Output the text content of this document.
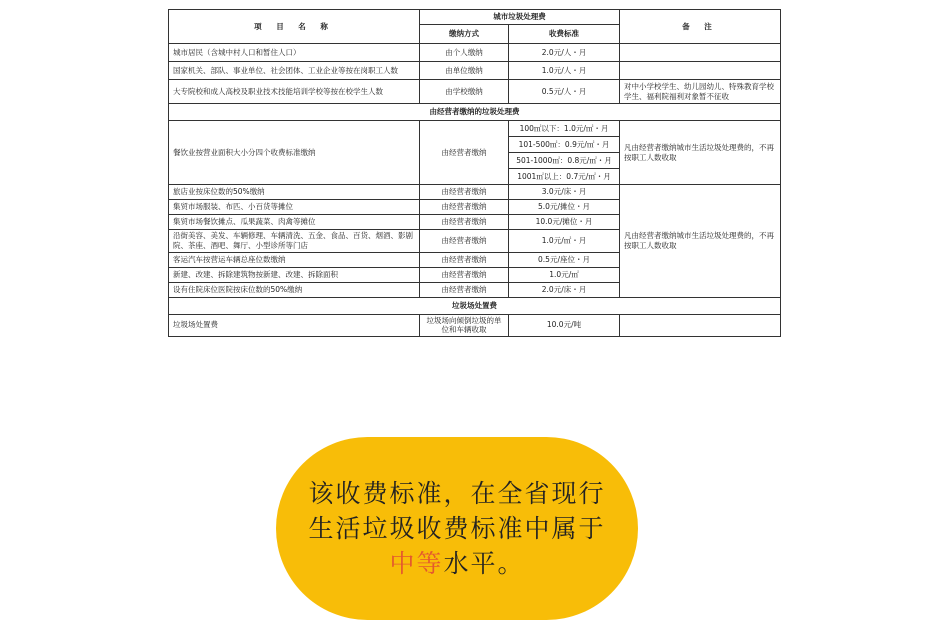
项 目 名 称	城市垃圾处理费		备 注
	缴纳方式	收费标准	
城市居民（含城中村人口和暂住人口）	由个人缴纳	2.0元/人・月	
国家机关、部队、事业单位、社会团体、工业企业等按在岗职工人数	由单位缴纳	1.0元/人・月	
大专院校和成人高校及职业技术技能培训学校等按在校学生人数	由学校缴纳	0.5元/人・月	对中小学校学生、幼儿园幼儿、特殊教育学校学生、福利院福利对象暂不征收
由经营者缴纳的垃圾处理费			
餐饮业按营业面积大小分四个收费标准缴纳	由经营者缴纳	100㎡以下：1.0元/㎡・月	凡由经营者缴纳城市生活垃圾处理费的，不再按职工人数收取
		101-500㎡：0.9元/㎡・月	
		501-1000㎡：0.8元/㎡・月	
		1001㎡以上：0.7元/㎡・月	
旅店业按床位数的50%缴纳	由经营者缴纳	3.0元/床・月	凡由经营者缴纳城市生活垃圾处理费的，不再按职工人数收取
集贸市场服装、布匹、小百货等摊位	由经营者缴纳	5.0元/摊位・月	
集贸市场餐饮摊点、瓜果蔬菜、肉禽等摊位	由经营者缴纳	10.0元/摊位・月	
沿街美容、美发、车辆修理、车辆清洗、五金、食品、百货、烟酒、影剧院、茶座、酒吧、舞厅、小型诊所等门店	由经营者缴纳	1.0元/㎡・月	
客运汽车按营运车辆总座位数缴纳	由经营者缴纳	0.5元/座位・月	
新建、改建、拆除建筑物按新建、改建、拆除面积	由经营者缴纳	1.0元/㎡	
设有住院床位医院按床位数的50%缴纳	由经营者缴纳	2.0元/床・月	
垃圾场处置费			
垃圾场处置费	垃圾场向倾倒垃圾的单位和车辆收取	10.0元/吨	
该收费标准，在全省现行
生活垃圾收费标准中属于
中等水平。
